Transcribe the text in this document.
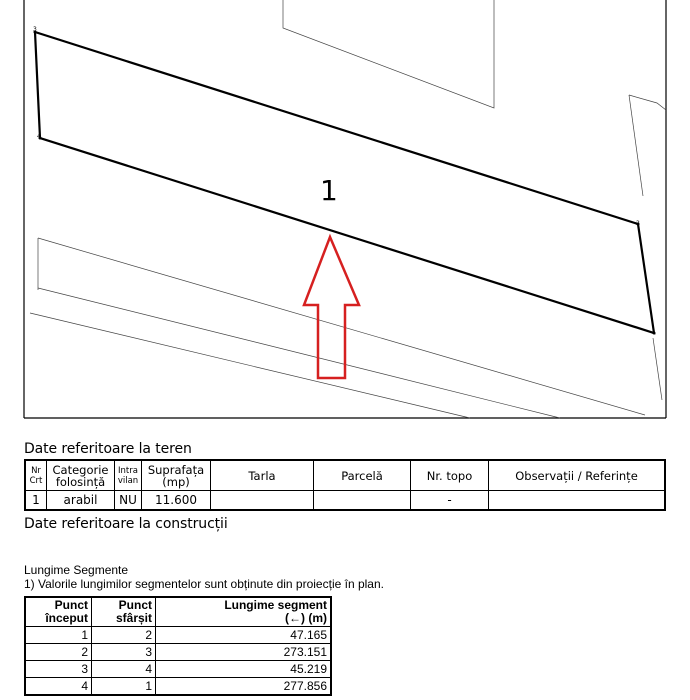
1
2
3
4
1
Date referitoare la teren
Nr Crt	Categorie folosință	Intra vilan	Suprafața (mp)	Tarla	Parcelă	Nr. topo	Observații / Referințe
1	arabil	NU	11.600			-	
Date referitoare la construcții
Lungime Segmente
1) Valorile lungimilor segmentelor sunt obținute din proiecție în plan.
Punct început	Punct sfârșit	Lungime segment
(←) (m)
1	2	47.165
2	3	273.151
3	4	45.219
4	1	277.856
